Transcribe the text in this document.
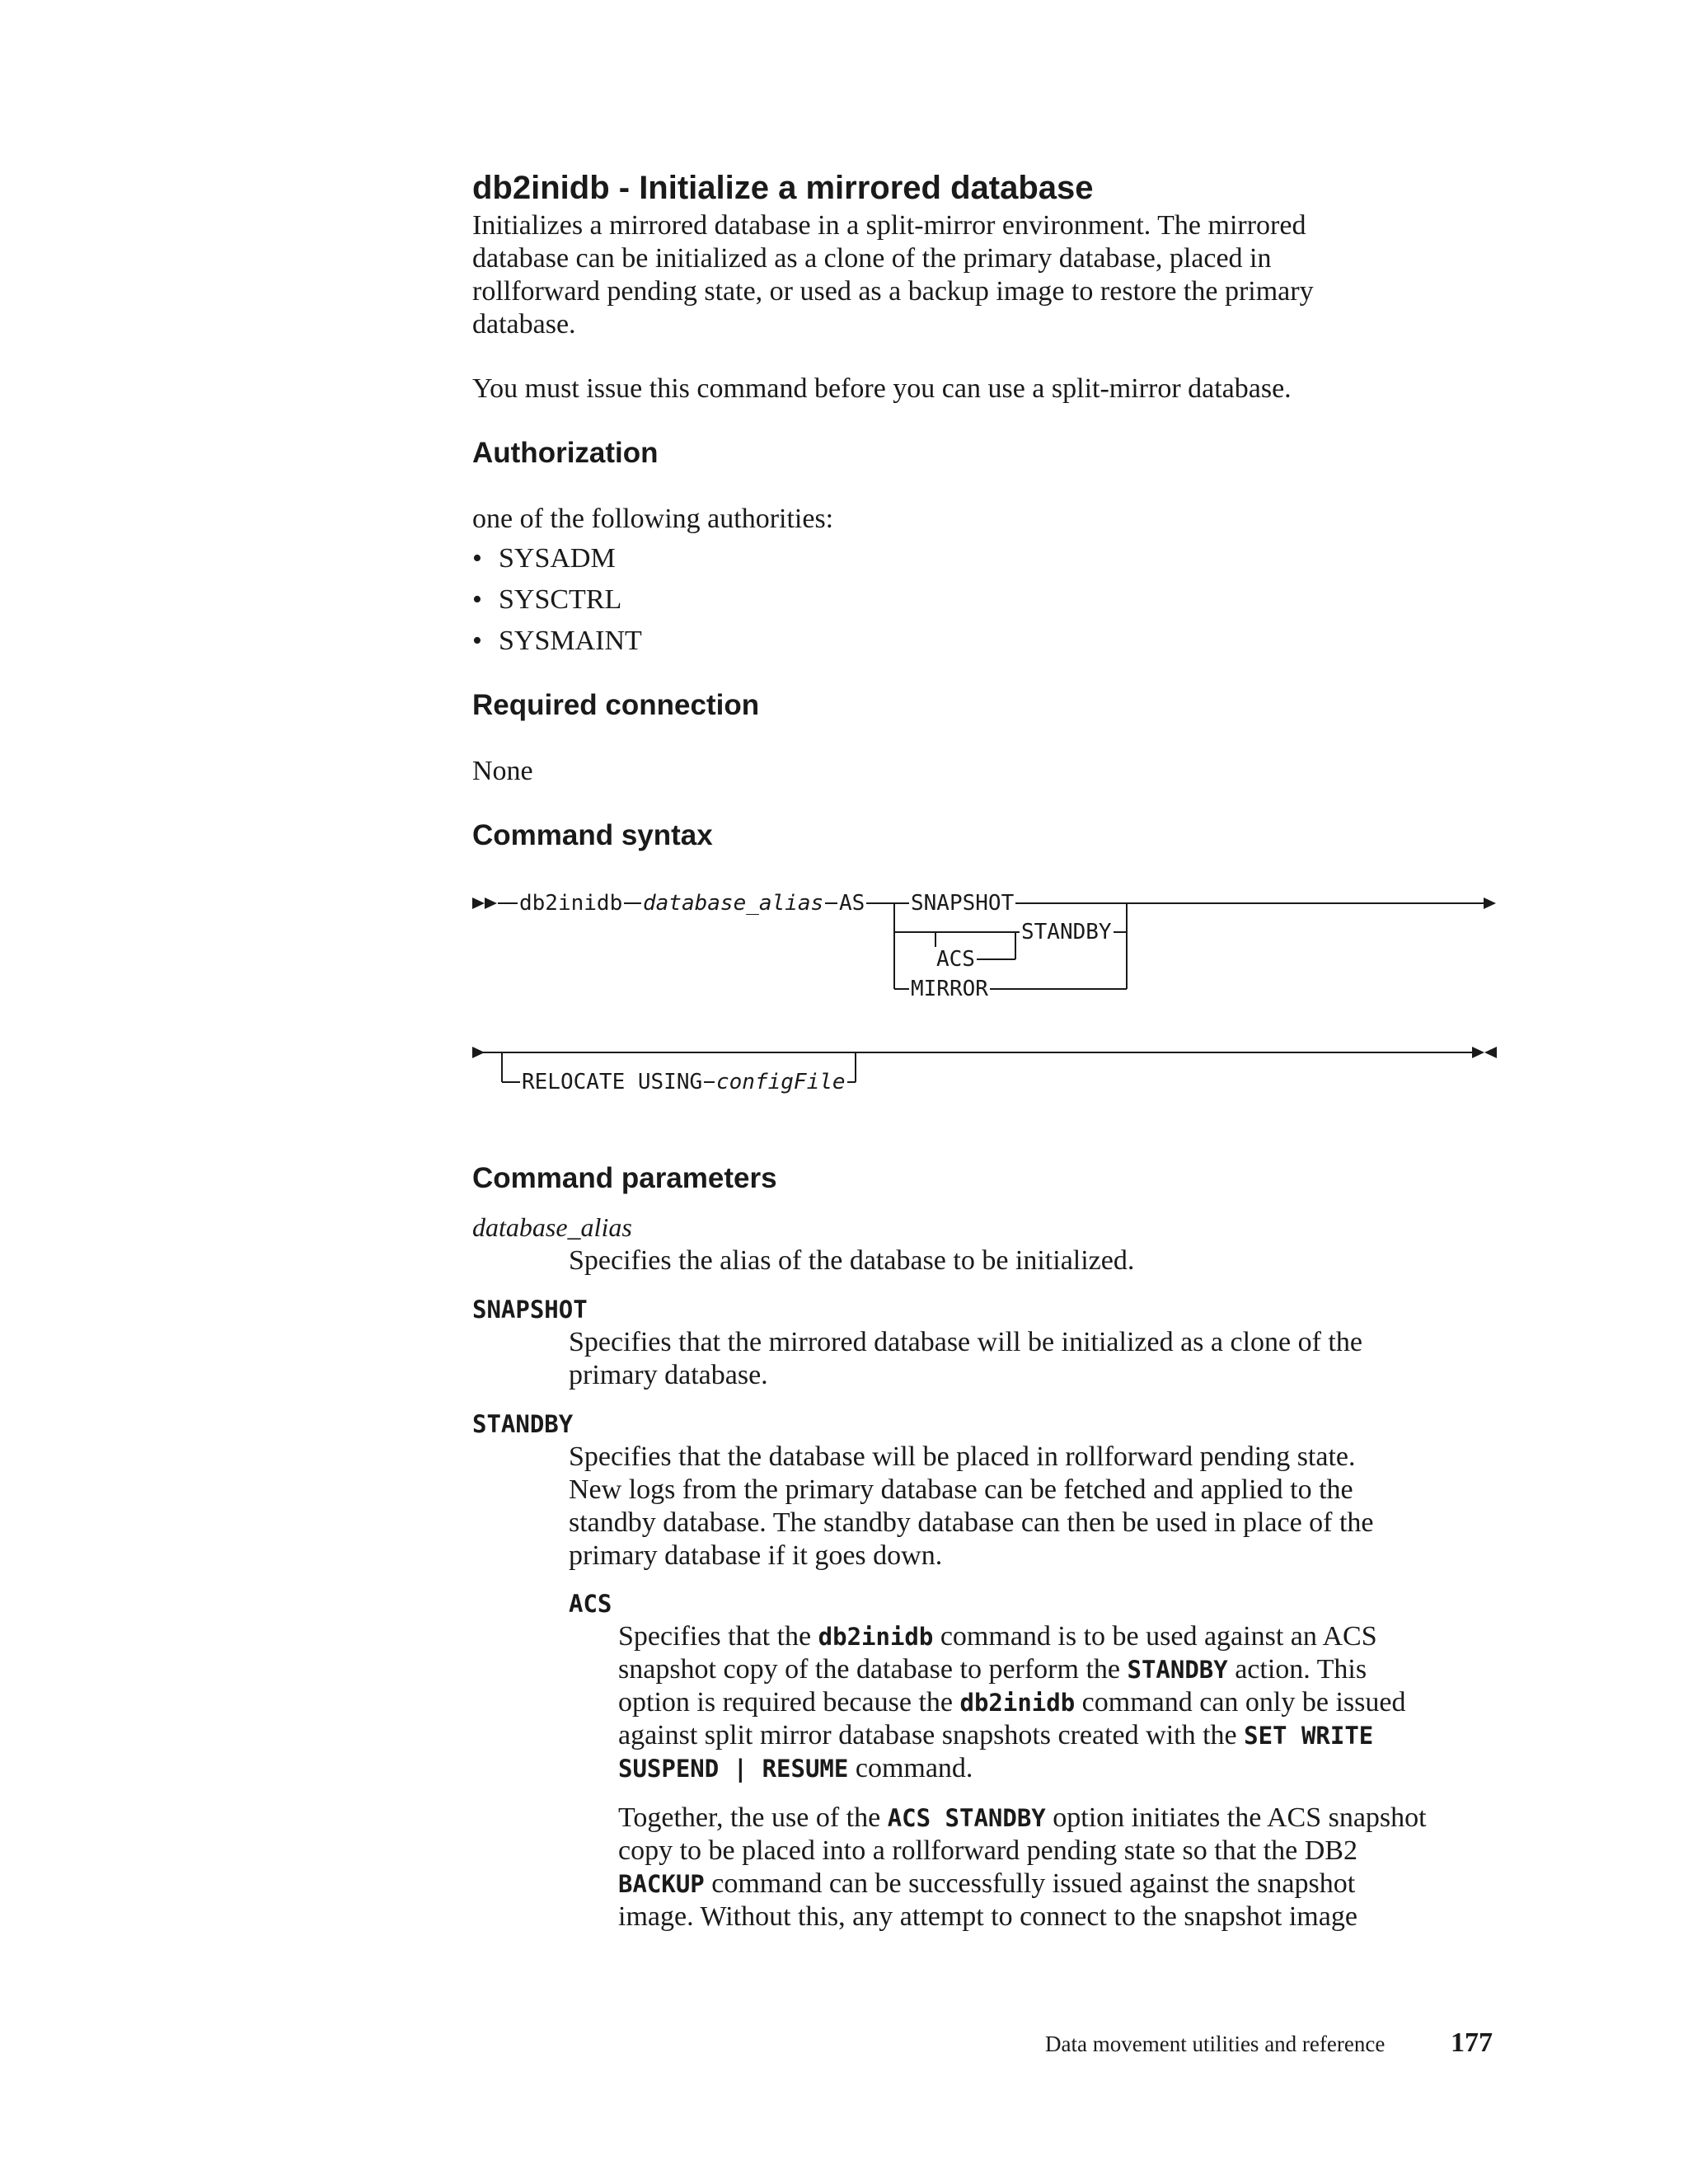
db2inidb - Initialize a mirrored database

Initializes a mirrored database in a split-mirror environment. The mirrored

database can be initialized as a clone of the primary database, placed in

rollforward pending state, or used as a backup image to restore the primary

database.

You must issue this command before you can use a split-mirror database.

Authorization

one of the following authorities:

• SYSADM
• SYSCTRL
• SYSMAINT
Required connection

None

Command syntax
db2inidb database_alias AS SNAPSHOT
STANDBY
ACS
MIRROR
RELOCATE USING configFile
Command parameters
database_alias

Specifies the alias of the database to be initialized.

SNAPSHOT

Specifies that the mirrored database will be initialized as a clone of the

primary database.

STANDBY

Specifies that the database will be placed in rollforward pending state.

New logs from the primary database can be fetched and applied to the

standby database. The standby database can then be used in place of the

primary database if it goes down.

ACS

Specifies that the db2inidb command is to be used against an ACS

snapshot copy of the database to perform the STANDBY action. This

option is required because the db2inidb command can only be issued

against split mirror database snapshots created with the SET WRITE

SUSPEND | RESUME command.

Together, the use of the ACS STANDBY option initiates the ACS snapshot

copy to be placed into a rollforward pending state so that the DB2

BACKUP command can be successfully issued against the snapshot

image. Without this, any attempt to connect to the snapshot image

Data movement utilities and reference 177
